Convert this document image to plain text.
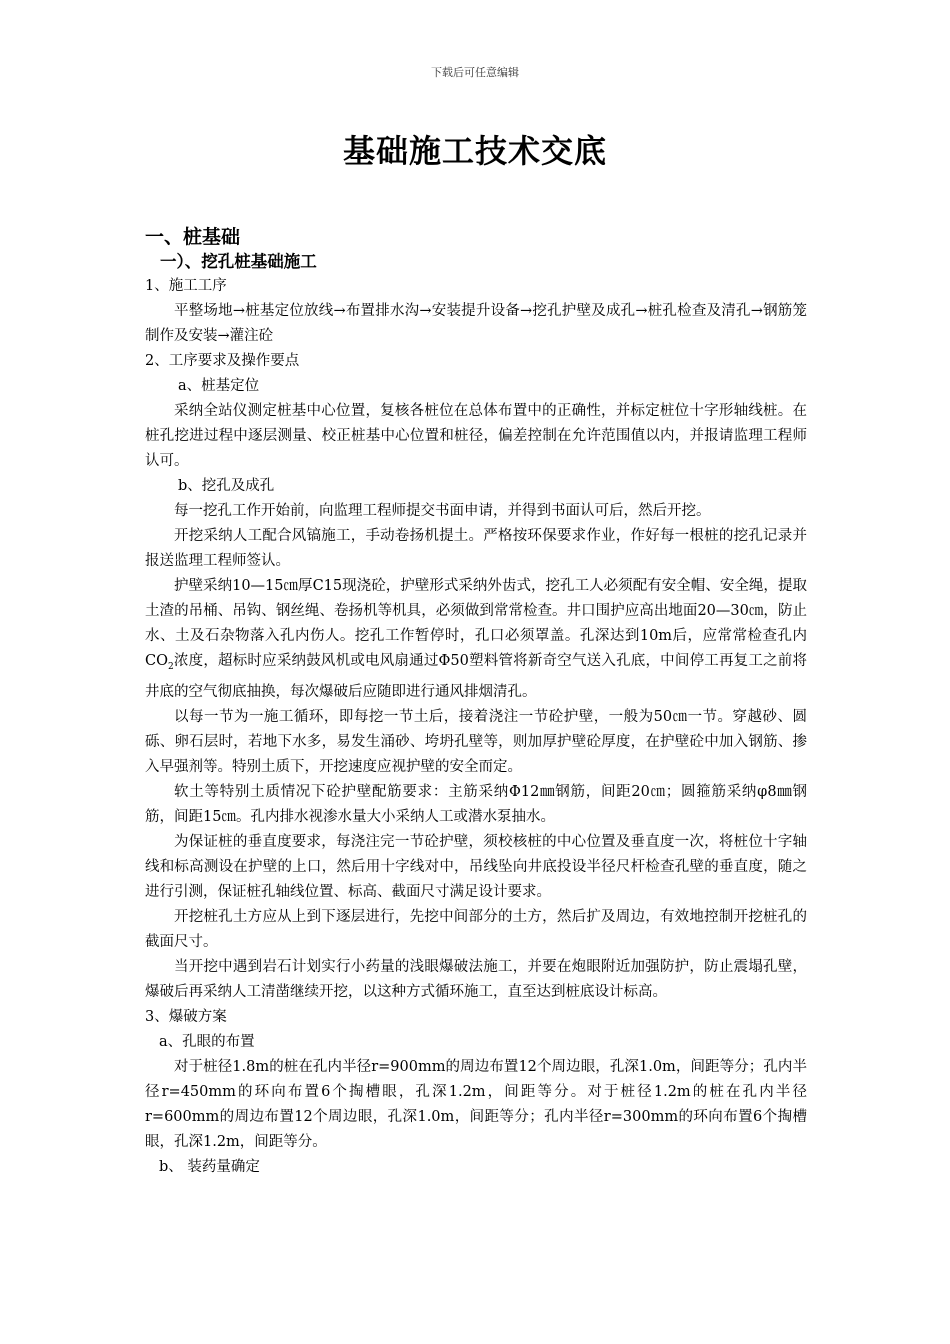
下载后可任意编辑
基础施工技术交底
一、桩基础
一）、挖孔桩基础施工

1、施工工序

平整场地→桩基定位放线→布置排水沟→安装提升设备→挖孔护壁及成孔→桩孔检查及清孔→钢筋笼制作及安装→灌注砼

2、工序要求及操作要点

a、桩基定位

采纳全站仪测定桩基中心位置，复核各桩位在总体布置中的正确性，并标定桩位十字形轴线桩。在桩孔挖进过程中逐层测量、校正桩基中心位置和桩径，偏差控制在允许范围值以内，并报请监理工程师认可。

b、挖孔及成孔

每一挖孔工作开始前，向监理工程师提交书面申请，并得到书面认可后，然后开挖。

开挖采纳人工配合风镐施工，手动卷扬机提土。严格按环保要求作业，作好每一根桩的挖孔记录并报送监理工程师签认。

护壁采纳10—15㎝厚C15现浇砼，护壁形式采纳外齿式，挖孔工人必须配有安全帽、安全绳，提取土渣的吊桶、吊钩、钢丝绳、卷扬机等机具，必须做到常常检查。井口围护应高出地面20—30㎝，防止水、土及石杂物落入孔内伤人。挖孔工作暂停时，孔口必须罩盖。孔深达到10m后，应常常检查孔内$CO_2$浓度，超标时应采纳鼓风机或电风扇通过Φ50塑料管将新奇空气送入孔底，中间停工再复工之前将井底的空气彻底抽换，每次爆破后应随即进行通风排烟清孔。

以每一节为一施工循环，即每挖一节土后，接着浇注一节砼护壁，一般为50㎝一节。穿越砂、圆砾、卵石层时，若地下水多，易发生涌砂、垮坍孔壁等，则加厚护壁砼厚度，在护壁砼中加入钢筋、掺入早强剂等。特别土质下，开挖速度应视护壁的安全而定。

软土等特别土质情况下砼护壁配筋要求：主筋采纳Φ12㎜钢筋，间距20㎝；圆箍筋采纳φ8㎜钢筋，间距15㎝。孔内排水视渗水量大小采纳人工或潜水泵抽水。

为保证桩的垂直度要求，每浇注完一节砼护壁，须校核桩的中心位置及垂直度一次，将桩位十字轴线和标高测设在护壁的上口，然后用十字线对中，吊线坠向井底投设半径尺杆检查孔壁的垂直度，随之进行引测，保证桩孔轴线位置、标高、截面尺寸满足设计要求。

开挖桩孔土方应从上到下逐层进行，先挖中间部分的土方，然后扩及周边，有效地控制开挖桩孔的截面尺寸。

当开挖中遇到岩石计划实行小药量的浅眼爆破法施工，并要在炮眼附近加强防护，防止震塌孔壁，爆破后再采纳人工清凿继续开挖，以这种方式循环施工，直至达到桩底设计标高。

3、爆破方案

a、孔眼的布置

对于桩径1.8m的桩在孔内半径r=900mm的周边布置12个周边眼，孔深1.0m，间距等分；孔内半径r=450mm的环向布置6个掏槽眼，孔深1.2m，间距等分。对于桩径1.2m的桩在孔内半径r=600mm的周边布置12个周边眼，孔深1.0m，间距等分；孔内半径r=300mm的环向布置6个掏槽眼，孔深1.2m，间距等分。

b、 装药量确定
